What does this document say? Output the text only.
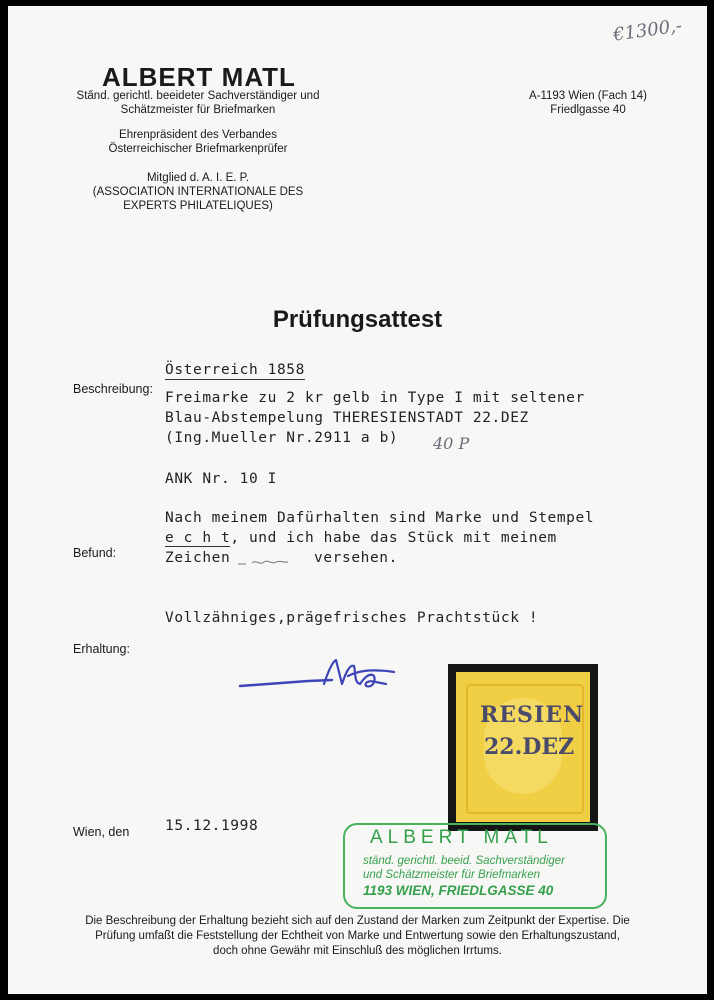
€1300,-
ALBERT MATL
Sta̋nd. gerichtl. beeideter Sachverständiger und
Schätzmeister für Briefmarken
Ehrenpräsident des Verbandes
Österreichischer Briefmarkenprüfer
Mitglied d. A. I. E. P.
(ASSOCIATION INTERNATIONALE DES
EXPERTS PHILATELIQUES)
A-1193 Wien (Fach 14)
Friedlgasse 40
Prüfungsattest
Österreich 1858
Beschreibung:
Freimarke zu 2 kr gelb in Type I mit seltener
Blau-Abstempelung THERESIENSTADT 22.DEZ
(Ing.Mueller Nr.2911 a b) 40 P
ANK Nr. 10 I
Nach meinem Dafürhalten sind Marke und Stempel
e c h t, und ich habe das Stück mit meinem
Befund:	Zeichen	versehen.
Vollzähniges,prägefrisches Prachtstück !
Erhaltung:
RESIEN
22.DEZ
Wien, den 15.12.1998
ALBERT MATL
ständ. gerichtl. beeid. Sachverständiger
und Schätzmeister für Briefmarken
1193 WIEN, FRIEDLGASSE 40
Die Beschreibung der Erhaltung bezieht sich auf den Zustand der Marken zum Zeitpunkt der Expertise. Die
Prüfung umfaßt die Feststellung der Echtheit von Marke und Entwertung sowie den Erhaltungszustand,
doch ohne Gewähr mit Einschluß des möglichen Irrtums.
